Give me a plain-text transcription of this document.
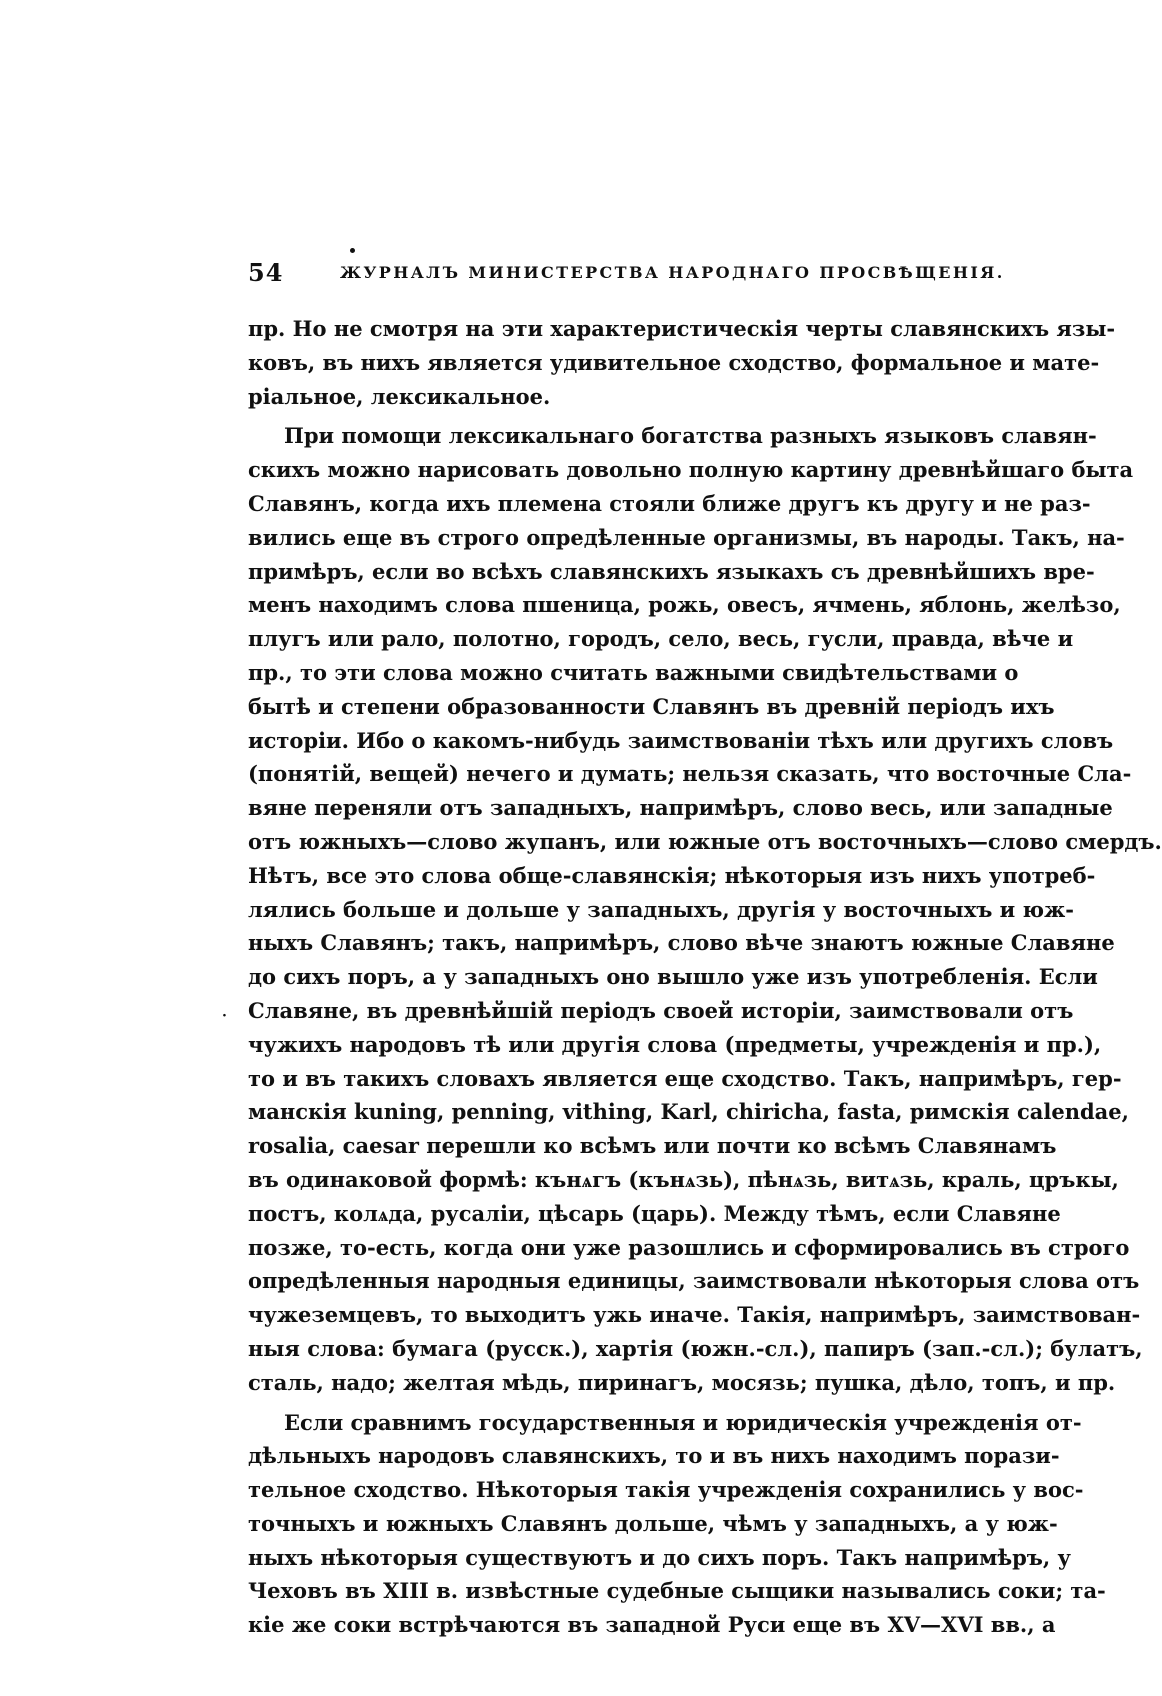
54	ЖУРНАЛЪ МИНИСТЕРСТВА НАРОДНАГО ПРОСВѢЩЕНІЯ.
·
пр. Но не смотря на эти характеристическія черты славянскихъ язы-
ковъ, въ нихъ является удивительное сходство, формальное и мате-
ріальное, лексикальное.
При помощи лексикальнаго богатства разныхъ языковъ славян-
скихъ можно нарисовать довольно полную картину древнѣйшаго быта
Славянъ, когда ихъ племена стояли ближе другъ къ другу и не раз-
вились еще въ строго опредѣленные организмы, въ народы. Такъ, на-
примѣръ, если во всѣхъ славянскихъ языкахъ съ древнѣйшихъ вре-
менъ находимъ слова пшеница, рожь, овесъ, ячмень, яблонь, желѣзо,
плугъ или рало, полотно, городъ, село, весь, гусли, правда, вѣче и
пр., то эти слова можно считать важными свидѣтельствами о
бытѣ и степени образованности Славянъ въ древній періодъ ихъ
исторіи. Ибо о какомъ-нибудь заимствованіи тѣхъ или другихъ словъ
(понятій, вещей) нечего и думать; нельзя сказать, что восточные Сла-
вяне переняли отъ западныхъ, напримѣръ, слово весь, или западные
отъ южныхъ—слово жупанъ, или южные отъ восточныхъ—слово смердъ.
Нѣтъ, все это слова обще-славянскія; нѣкоторыя изъ нихъ употреб-
лялись больше и дольше у западныхъ, другія у восточныхъ и юж-
ныхъ Славянъ; такъ, напримѣръ, слово вѣче знаютъ южные Славяне
до сихъ поръ, а у западныхъ оно вышло уже изъ употребленія. Если
Славяне, въ древнѣйшій періодъ своей исторіи, заимствовали отъ
чужихъ народовъ тѣ или другія слова (предметы, учрежденія и пр.),
то и въ такихъ словахъ является еще сходство. Такъ, напримѣръ, гер-
манскія kuning, penning, vithing, Karl, chiricha, fasta, римскія calendae,
rosalia, caesar перешли ко всѣмъ или почти ко всѣмъ Славянамъ
въ одинаковой формѣ: кънѧгъ (кънѧзь), пѣнѧзь, витѧзь, краль, цръкы,
постъ, колѧда, русаліи, цѣсарь (царь). Между тѣмъ, если Славяне
позже, то-есть, когда они уже разошлись и сформировались въ строго
опредѣленныя народныя единицы, заимствовали нѣкоторыя слова отъ
чужеземцевъ, то выходитъ ужь иначе. Такія, напримѣръ, заимствован-
ныя слова: бумага (русск.), хартія (южн.-сл.), папиръ (зап.-сл.); булатъ,
сталь, надо; желтая мѣдь, пиринагъ, мосязь; пушка, дѣло, топъ, и пр.
Если сравнимъ государственныя и юридическія учрежденія от-
дѣльныхъ народовъ славянскихъ, то и въ нихъ находимъ порази-
тельное сходство. Нѣкоторыя такія учрежденія сохранились у вос-
точныхъ и южныхъ Славянъ дольше, чѣмъ у западныхъ, а у юж-
ныхъ нѣкоторыя существуютъ и до сихъ поръ. Такъ напримѣръ, у
Чеховъ въ XIII в. извѣстные судебные сыщики назывались соки; та-
кіе же соки встрѣчаются въ западной Руси еще въ XV—XVI вв., а
